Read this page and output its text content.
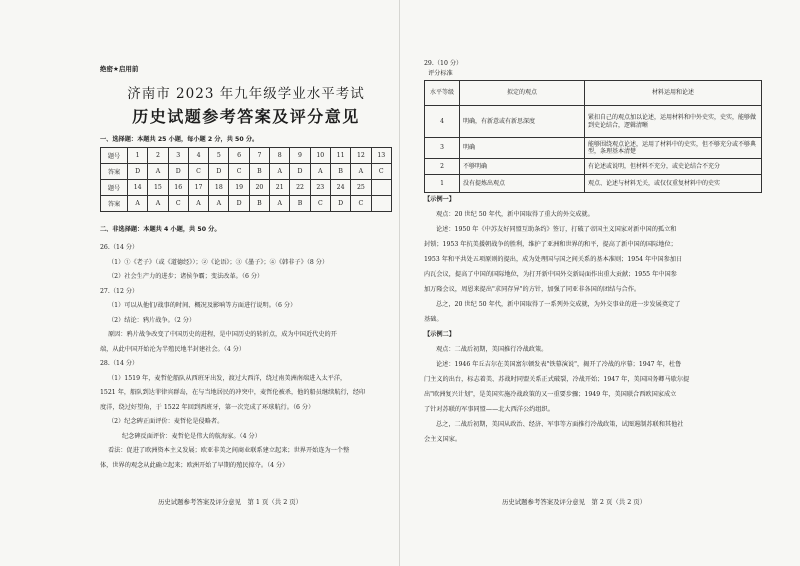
绝密★启用前
济南市 2023 年九年级学业水平考试
历史试题参考答案及评分意见
一、选择题：本题共 25 小题，每小题 2 分，共 50 分。
题号	1	2	3	4	5	6	7	8	9	10	11	12	13
答案	D	A	D	C	D	C	B	A	D	A	B	A	C
题号	14	15	16	17	18	19	20	21	22	23	24	25	
答案	A	A	C	A	A	D	B	A	B	C	D	C	
二、非选择题：本题共 4 小题，共 50 分。
26.（14 分）
（1）①《老子》（或《道德经》）；②《论语》；③《墨子》；④《韩非子》（8 分）
（2）社会生产力的进步；诸侯争霸；变法改革。（6 分）
27.（12 分）
（1）可以从他们/战事的时间、概况及影响等方面进行说明。（6 分）
（2）结论：鸦片战争。（2 分）
原因：鸦片战争改变了中国历史的进程，是中国历史的转折点，成为中国近代史的开
端，从此中国开始沦为半殖民地半封建社会。（4 分）
28.（14 分）
（1）1519 年，麦哲伦船队从西班牙出发，渡过大西洋，绕过南美洲南端进入太平洋，
1521 年，船队到达菲律宾群岛，在与当地居民的冲突中，麦哲伦被杀，他的船员继续航行，经印
度洋，绕过好望角，于 1522 年回到西班牙，第一次完成了环球航行。（6 分）
（2）纪念碑正面评价：麦哲伦是侵略者。
纪念碑反面评价：麦哲伦是伟大的航海家。（4 分）
看法：促进了欧洲资本主义发展；欧亚非美之间商业联系建立起来；世界开始连为一个整
体，世界的观念从此确立起来；欧洲开始了早期的殖民掠夺。（4 分）
历史试题参考答案及评分意见　第 1 页（共 2 页）
29.（10 分）
评分标准
水平等级	拟定的观点	材料运用和论述
4	明确，有新意或有新思深度	紧扣自己的观点加以论述，运用材料和中外史实，史实，能够做到史论结合，逻辑清晰
3	明确	能够围绕观点论述，运用了材料中的史实，但不够充分或不够典型，条理基本清楚
2	不够明确	有论述或说明，但材料不充分，或史论结合不充分
1	没有提炼出观点	观点、论述与材料无关，或仅仅重复材料中的史实
【示例一】
观点：20 世纪 50 年代，新中国取得了重大的外交成就。
论述：1950 年《中苏友好同盟互助条约》签订，打破了帝国主义国家对新中国的孤立和
封锁；1953 年抗美援朝战争的胜利，维护了亚洲和世界的和平，提高了新中国的国际地位；
1953 年和平共处五项原则的提出，成为处理国与国之间关系的基本准则；1954 年中国参加日
内瓦会议，提高了中国的国际地位，为打开新中国外交新局面作出重大贡献；1955 年中国参
加万隆会议，周恩来提出"求同存异"的方针，加强了同亚非各国的团结与合作。
总之，20 世纪 50 年代，新中国取得了一系列外交成就，为外交事业的进一步发展奠定了
基础。
【示例二】
观点：二战后初期，美国推行冷战政策。
论述：1946 年丘吉尔在美国富尔顿发表"铁幕演说"，揭开了冷战的序幕；1947 年，杜鲁
门主义的出台，标志着美、苏战时同盟关系正式破裂，冷战开始；1947 年，美国国务卿马歇尔提
出"欧洲复兴计划"，是美国实施冷战政策的又一重要步骤；1949 年，美国联合西欧国家成立
了针对苏联的军事同盟——北大西洋公约组织。
总之，二战后初期，美国从政治、经济、军事等方面推行冷战政策，试图遏制苏联和其他社
会主义国家。
历史试题参考答案及评分意见　第 2 页（共 2 页）
